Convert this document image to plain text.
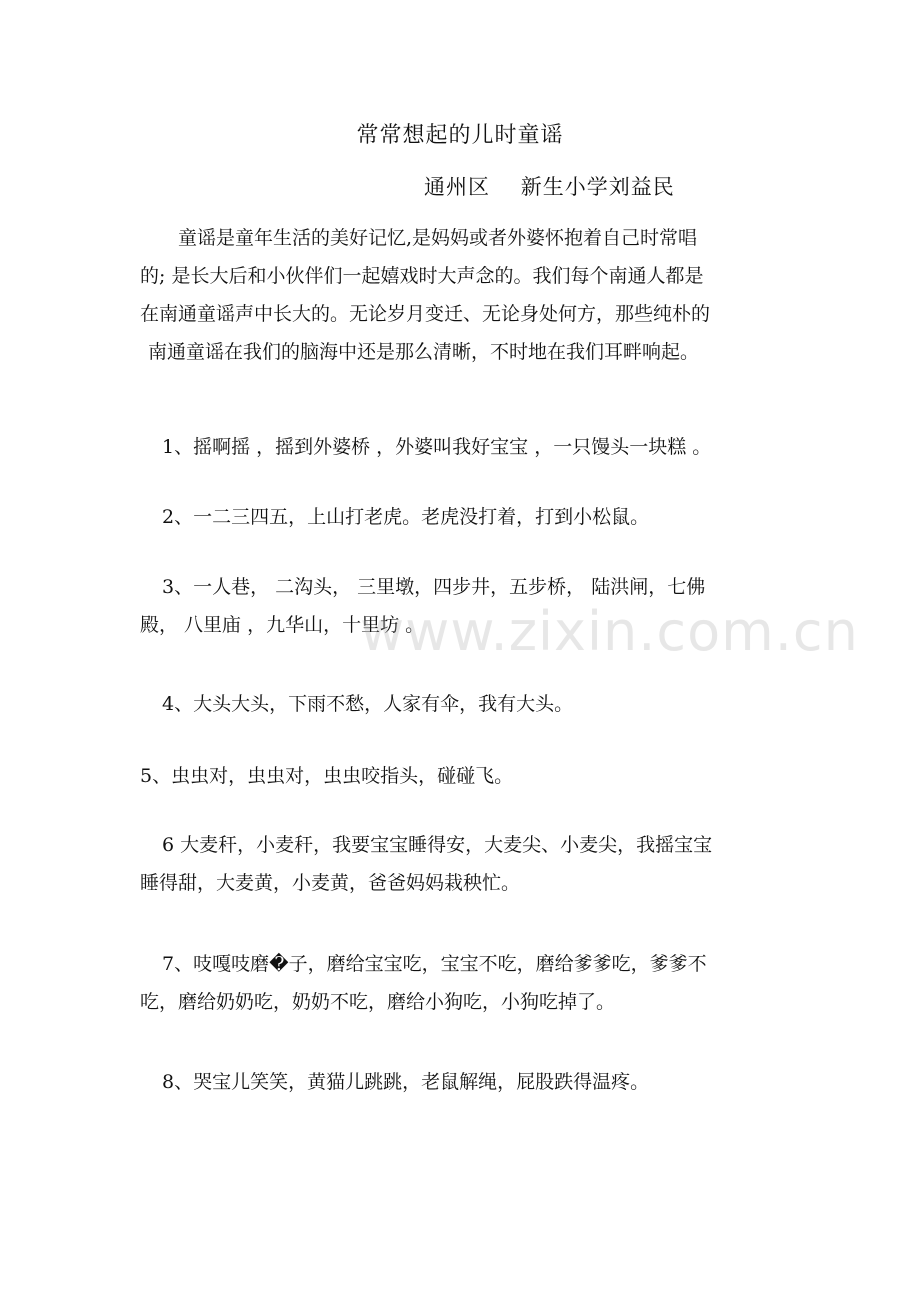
常常想起的儿时童谣
通州区    新生小学刘益民
童谣是童年生活的美好记忆,是妈妈或者外婆怀抱着自己时常唱
的; 是长大后和小伙伴们一起嬉戏时大声念的。我们每个南通人都是
在南通童谣声中长大的。无论岁月变迁、无论身处何方，那些纯朴的
南通童谣在我们的脑海中还是那么清晰，不时地在我们耳畔响起。
1、摇啊摇 ，摇到外婆桥 ，外婆叫我好宝宝 ，一只馒头一块糕 。
2、一二三四五，上山打老虎。老虎没打着，打到小松鼠。
3、一人巷， 二沟头， 三里墩，四步井，五步桥， 陆洪闸，七佛
殿， 八里庙 ，九华山，十里坊 。
4、大头大头，下雨不愁，人家有伞，我有大头。
5、虫虫对，虫虫对，虫虫咬指头，碰碰飞。
6 大麦秆，小麦秆，我要宝宝睡得安，大麦尖、小麦尖，我摇宝宝
睡得甜，大麦黄，小麦黄，爸爸妈妈栽秧忙。
7、吱嘎吱磨�子，磨给宝宝吃，宝宝不吃，磨给爹爹吃，爹爹不
吃，磨给奶奶吃，奶奶不吃，磨给小狗吃，小狗吃掉了。
8、哭宝儿笑笑，黄猫儿跳跳，老鼠解绳，屁股跌得温疼。
www.zixin.com.cn
